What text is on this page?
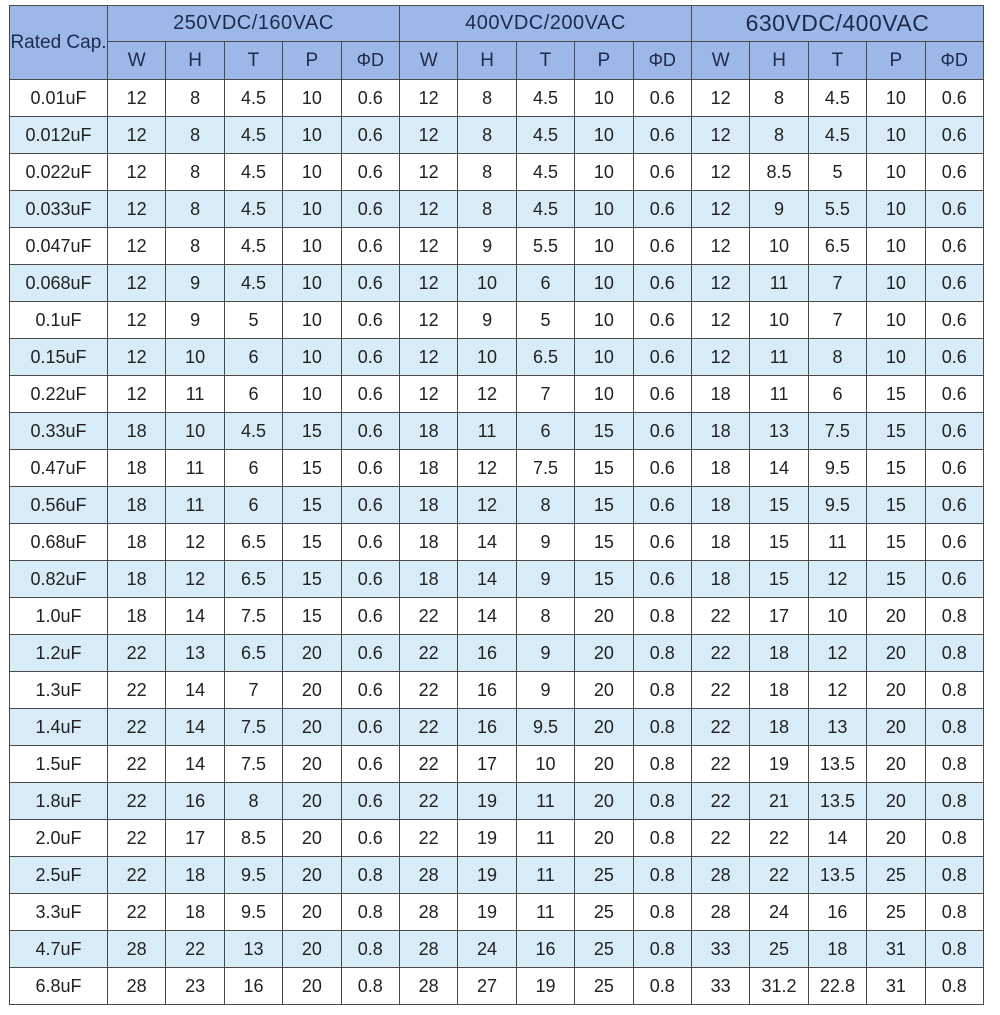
Rated Cap.	250VDC/160VAC					400VDC/200VAC					630VDC/400VAC				
	W	H	T	P	ΦD	W	H	T	P	ΦD	W	H	T	P	ΦD
0.01uF	12	8	4.5	10	0.6	12	8	4.5	10	0.6	12	8	4.5	10	0.6
0.012uF	12	8	4.5	10	0.6	12	8	4.5	10	0.6	12	8	4.5	10	0.6
0.022uF	12	8	4.5	10	0.6	12	8	4.5	10	0.6	12	8.5	5	10	0.6
0.033uF	12	8	4.5	10	0.6	12	8	4.5	10	0.6	12	9	5.5	10	0.6
0.047uF	12	8	4.5	10	0.6	12	9	5.5	10	0.6	12	10	6.5	10	0.6
0.068uF	12	9	4.5	10	0.6	12	10	6	10	0.6	12	11	7	10	0.6
0.1uF	12	9	5	10	0.6	12	9	5	10	0.6	12	10	7	10	0.6
0.15uF	12	10	6	10	0.6	12	10	6.5	10	0.6	12	11	8	10	0.6
0.22uF	12	11	6	10	0.6	12	12	7	10	0.6	18	11	6	15	0.6
0.33uF	18	10	4.5	15	0.6	18	11	6	15	0.6	18	13	7.5	15	0.6
0.47uF	18	11	6	15	0.6	18	12	7.5	15	0.6	18	14	9.5	15	0.6
0.56uF	18	11	6	15	0.6	18	12	8	15	0.6	18	15	9.5	15	0.6
0.68uF	18	12	6.5	15	0.6	18	14	9	15	0.6	18	15	11	15	0.6
0.82uF	18	12	6.5	15	0.6	18	14	9	15	0.6	18	15	12	15	0.6
1.0uF	18	14	7.5	15	0.6	22	14	8	20	0.8	22	17	10	20	0.8
1.2uF	22	13	6.5	20	0.6	22	16	9	20	0.8	22	18	12	20	0.8
1.3uF	22	14	7	20	0.6	22	16	9	20	0.8	22	18	12	20	0.8
1.4uF	22	14	7.5	20	0.6	22	16	9.5	20	0.8	22	18	13	20	0.8
1.5uF	22	14	7.5	20	0.6	22	17	10	20	0.8	22	19	13.5	20	0.8
1.8uF	22	16	8	20	0.6	22	19	11	20	0.8	22	21	13.5	20	0.8
2.0uF	22	17	8.5	20	0.6	22	19	11	20	0.8	22	22	14	20	0.8
2.5uF	22	18	9.5	20	0.8	28	19	11	25	0.8	28	22	13.5	25	0.8
3.3uF	22	18	9.5	20	0.8	28	19	11	25	0.8	28	24	16	25	0.8
4.7uF	28	22	13	20	0.8	28	24	16	25	0.8	33	25	18	31	0.8
6.8uF	28	23	16	20	0.8	28	27	19	25	0.8	33	31.2	22.8	31	0.8
